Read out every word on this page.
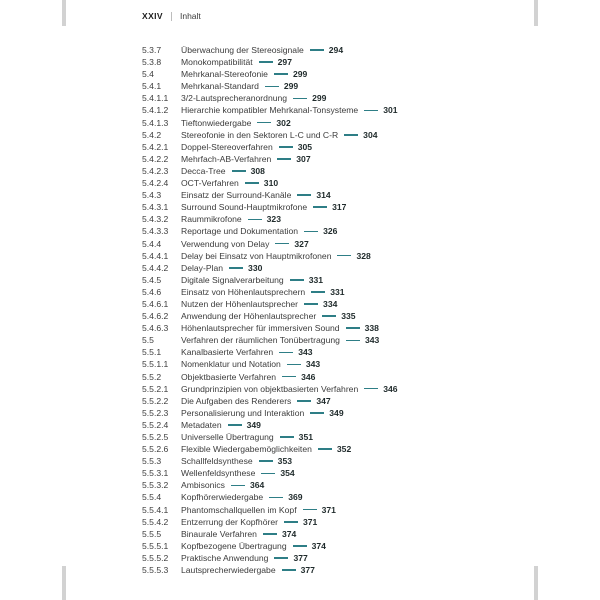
XXIV Inhalt
5.3.7	Überwachung der Stereosignale	294
5.3.8	Monokompatibilität	297
5.4	Mehrkanal-Stereofonie	299
5.4.1	Mehrkanal-Standard	299
5.4.1.1	3/2-Lautsprecheranordnung	299
5.4.1.2	Hierarchie kompatibler Mehrkanal-Tonsysteme	301
5.4.1.3	Tieftonwiedergabe	302
5.4.2	Stereofonie in den Sektoren L-C und C-R	304
5.4.2.1	Doppel-Stereoverfahren	305
5.4.2.2	Mehrfach-AB-Verfahren	307
5.4.2.3	Decca-Tree	308
5.4.2.4	OCT-Verfahren	310
5.4.3	Einsatz der Surround-Kanäle	314
5.4.3.1	Surround Sound-Hauptmikrofone	317
5.4.3.2	Raummikrofone	323
5.4.3.3	Reportage und Dokumentation	326
5.4.4	Verwendung von Delay	327
5.4.4.1	Delay bei Einsatz von Hauptmikrofonen	328
5.4.4.2	Delay-Plan	330
5.4.5	Digitale Signalverarbeitung	331
5.4.6	Einsatz von Höhenlautsprechern	331
5.4.6.1	Nutzen der Höhenlautsprecher	334
5.4.6.2	Anwendung der Höhenlautsprecher	335
5.4.6.3	Höhenlautsprecher für immersiven Sound	338
5.5	Verfahren der räumlichen Tonübertragung	343
5.5.1	Kanalbasierte Verfahren	343
5.5.1.1	Nomenklatur und Notation	343
5.5.2	Objektbasierte Verfahren	346
5.5.2.1	Grundprinzipien von objektbasierten Verfahren	346
5.5.2.2	Die Aufgaben des Renderers	347
5.5.2.3	Personalisierung und Interaktion	349
5.5.2.4	Metadaten	349
5.5.2.5	Universelle Übertragung	351
5.5.2.6	Flexible Wiedergabemöglichkeiten	352
5.5.3	Schallfeldsynthese	353
5.5.3.1	Wellenfeldsynthese	354
5.5.3.2	Ambisonics	364
5.5.4	Kopfhörerwiedergabe	369
5.5.4.1	Phantomschallquellen im Kopf	371
5.5.4.2	Entzerrung der Kopfhörer	371
5.5.5	Binaurale Verfahren	374
5.5.5.1	Kopfbezogene Übertragung	374
5.5.5.2	Praktische Anwendung	377
5.5.5.3	Lautsprecherwiedergabe	377
